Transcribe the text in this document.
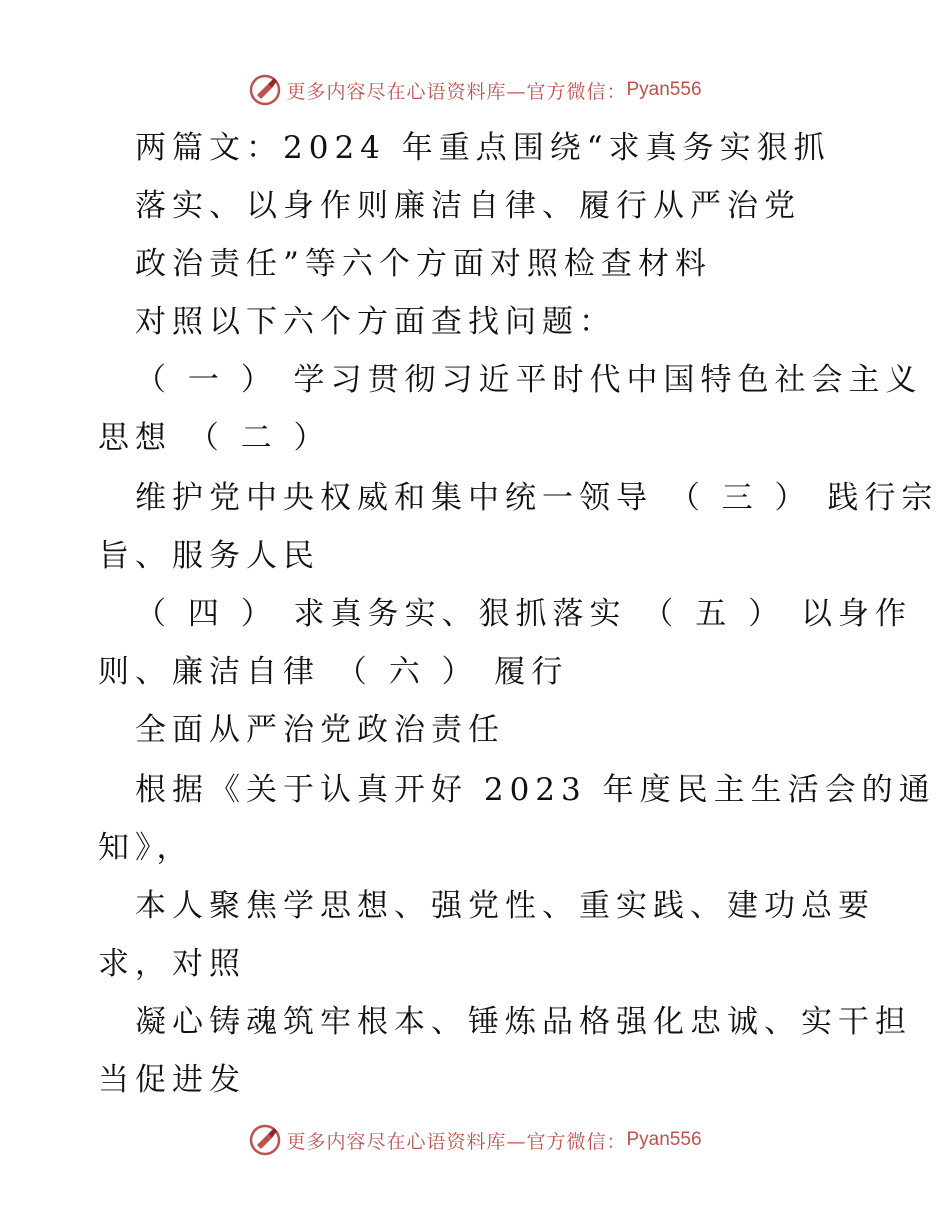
更多内容尽在心语资料库—官方微信： Pyan556
两篇文：2024 年重点围绕“求真务实狠抓
落实、以身作则廉洁自律、履行从严治党
政治责任”等六个方面对照检查材料
对照以下六个方面查找问题：
（ 一 ） 学习贯彻习近平时代中国特色社会主义
思想 （ 二 ）
维护党中央权威和集中统一领导 （ 三 ） 践行宗
旨、服务人民
（ 四 ） 求真务实、狠抓落实 （ 五 ） 以身作
则、廉洁自律 （ 六 ） 履行
全面从严治党政治责任
根据《关于认真开好 2023 年度民主生活会的通
知》，
本人聚焦学思想、强党性、重实践、建功总要
求，对照
凝心铸魂筑牢根本、锤炼品格强化忠诚、实干担
当促进发
更多内容尽在心语资料库—官方微信： Pyan556
